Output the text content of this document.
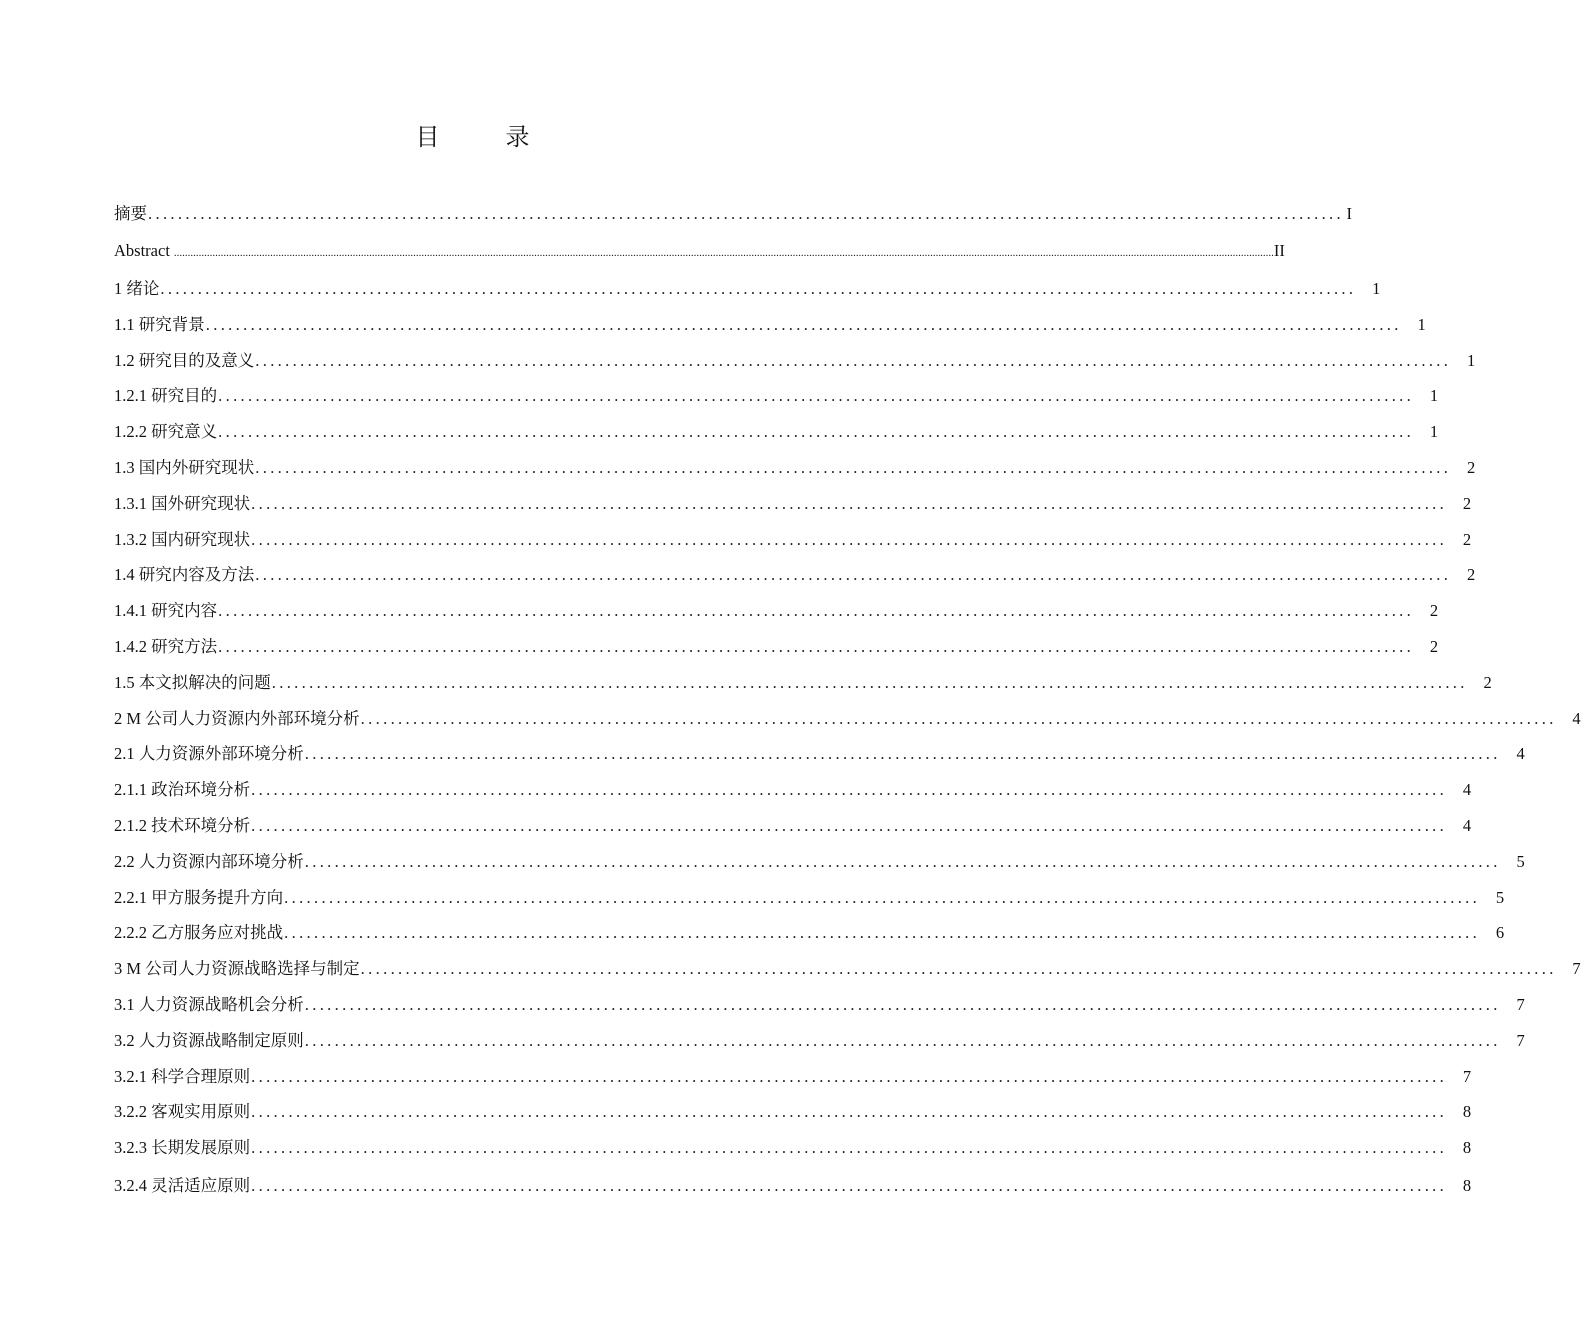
目 录
摘要 ................................................................................................................................................................ I
Abstract ................................................................................................................................................................................................................................................................................................................................................................................................................ II
1 绪论 ................................................................................................................................................................ 1
1.1 研究背景 ................................................................................................................................................................ 1
1.2 研究目的及意义 ................................................................................................................................................................ 1
1.2.1 研究目的 ................................................................................................................................................................ 1
1.2.2 研究意义 ................................................................................................................................................................ 1
1.3 国内外研究现状 ................................................................................................................................................................ 2
1.3.1 国外研究现状 ................................................................................................................................................................ 2
1.3.2 国内研究现状 ................................................................................................................................................................ 2
1.4 研究内容及方法 ................................................................................................................................................................ 2
1.4.1 研究内容 ................................................................................................................................................................ 2
1.4.2 研究方法 ................................................................................................................................................................ 2
1.5 本文拟解决的问题 ................................................................................................................................................................ 2
2 M 公司人力资源内外部环境分析 ................................................................................................................................................................ 4
2.1 人力资源外部环境分析 ................................................................................................................................................................ 4
2.1.1 政治环境分析 ................................................................................................................................................................ 4
2.1.2 技术环境分析 ................................................................................................................................................................ 4
2.2 人力资源内部环境分析 ................................................................................................................................................................ 5
2.2.1 甲方服务提升方向 ................................................................................................................................................................ 5
2.2.2 乙方服务应对挑战 ................................................................................................................................................................ 6
3 M 公司人力资源战略选择与制定 ................................................................................................................................................................ 7
3.1 人力资源战略机会分析 ................................................................................................................................................................ 7
3.2 人力资源战略制定原则 ................................................................................................................................................................ 7
3.2.1 科学合理原则 ................................................................................................................................................................ 7
3.2.2 客观实用原则 ................................................................................................................................................................ 8
3.2.3 长期发展原则 ................................................................................................................................................................ 8
3.2.4 灵活适应原则 ................................................................................................................................................................ 8
